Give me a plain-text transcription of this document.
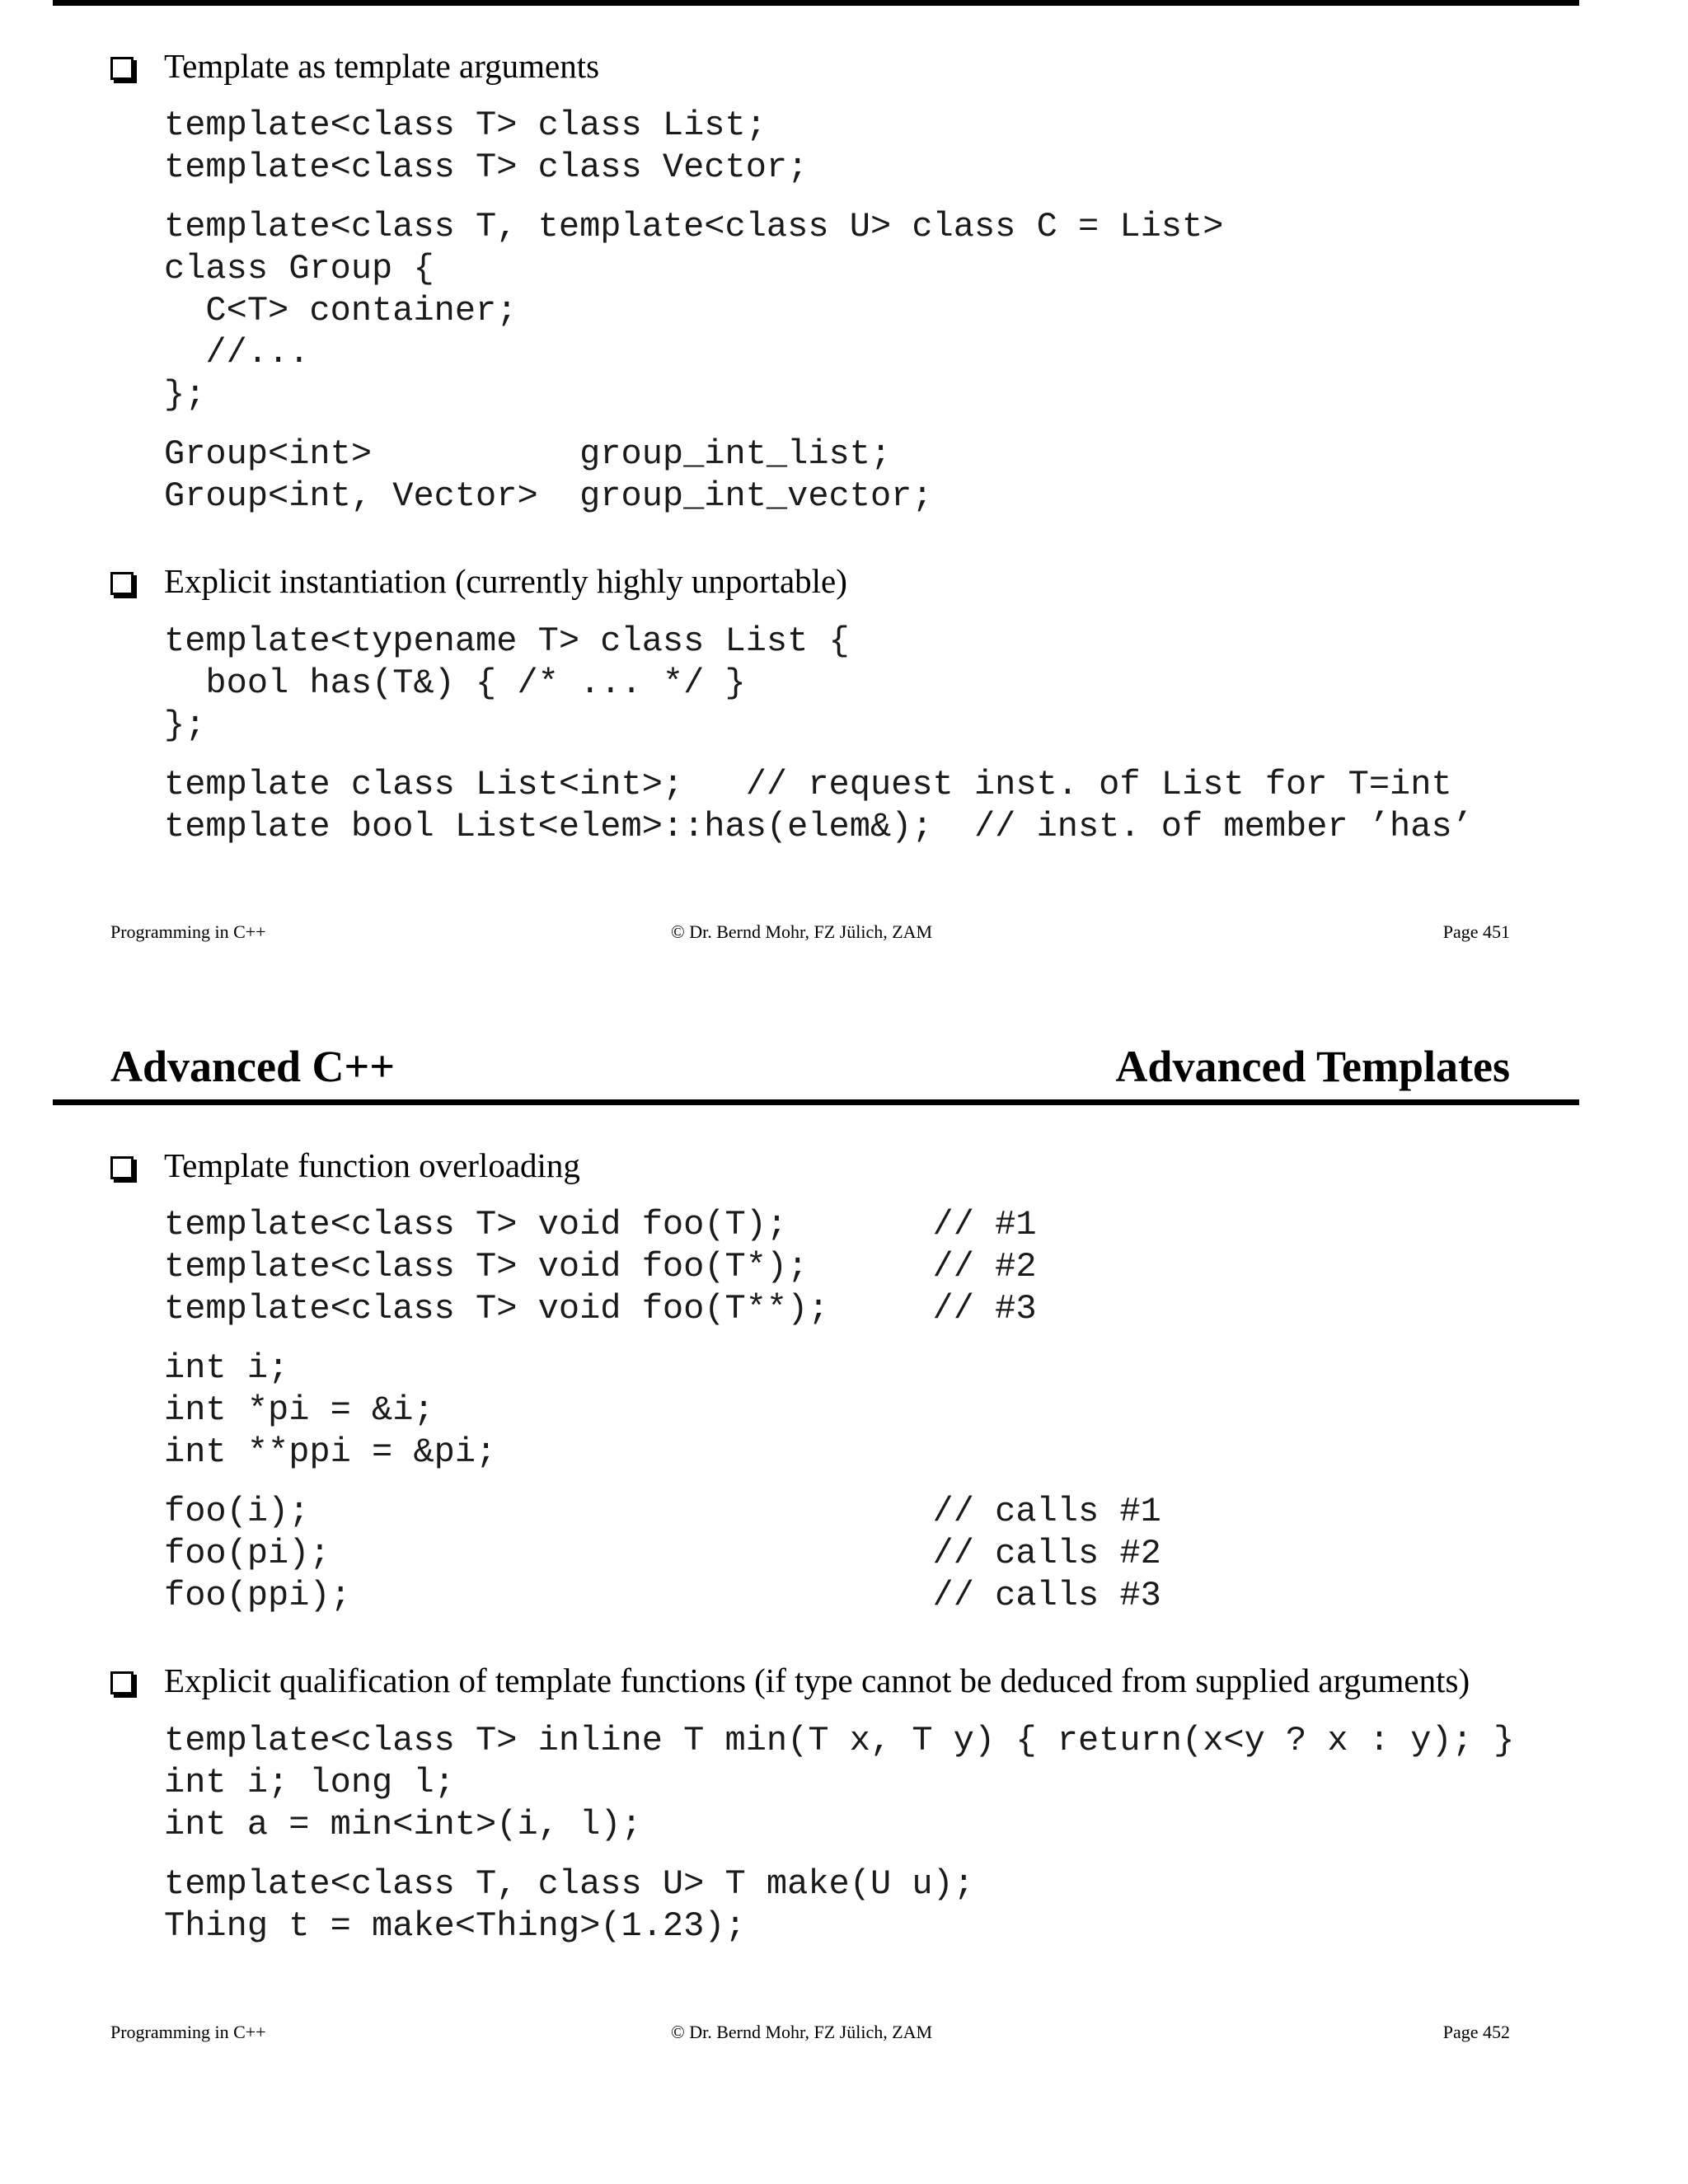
Template as template arguments
template<class T> class List;
template<class T> class Vector;
template<class T, template<class U> class C = List>
class Group {
C<T> container;
//...
};
Group<int>          group_int_list;
Group<int, Vector>  group_int_vector;
Explicit instantiation (currently highly unportable)
template<typename T> class List {
bool has(T&) { /* ... */ }
};
template class List<int>;   // request inst. of List for T=int
template bool List<elem>::has(elem&);  // inst. of member ’has’
Programming in C++	© Dr. Bernd Mohr, FZ Jülich, ZAM	Page 451
Advanced C++	Advanced Templates
Template function overloading
template<class T> void foo(T);       // #1
template<class T> void foo(T*);      // #2
template<class T> void foo(T**);     // #3
int i;
int *pi = &i;
int **ppi = &pi;
foo(i);                              // calls #1
foo(pi);                             // calls #2
foo(ppi);                            // calls #3
Explicit qualification of template functions (if type cannot be deduced from supplied arguments)
template<class T> inline T min(T x, T y) { return(x<y ? x : y); }
int i; long l;
int a = min<int>(i, l);
template<class T, class U> T make(U u);
Thing t = make<Thing>(1.23);
Programming in C++	© Dr. Bernd Mohr, FZ Jülich, ZAM	Page 452
